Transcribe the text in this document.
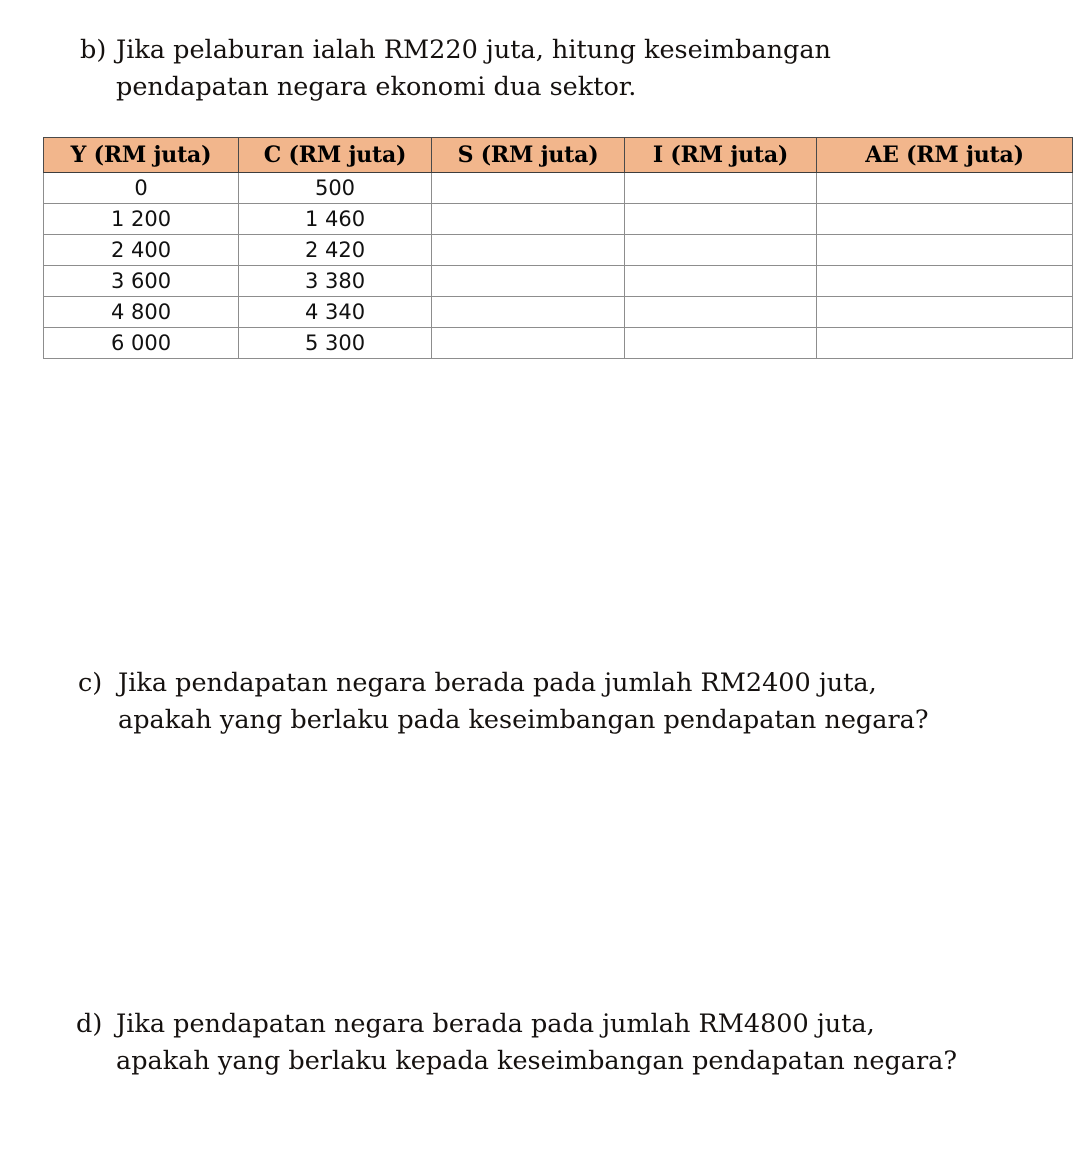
b) Jika pelaburan ialah RM220 juta, hitung keseimbangan
pendapatan negara ekonomi dua sektor.
Y (RM juta)	C (RM juta)	S (RM juta)	I (RM juta)	AE (RM juta)
0	500			
1 200	1 460			
2 400	2 420			
3 600	3 380			
4 800	4 340			
6 000	5 300			
c) Jika pendapatan negara berada pada jumlah RM2400 juta,
apakah yang berlaku pada keseimbangan pendapatan negara?
d) Jika pendapatan negara berada pada jumlah RM4800 juta,
apakah yang berlaku kepada keseimbangan pendapatan negara?
